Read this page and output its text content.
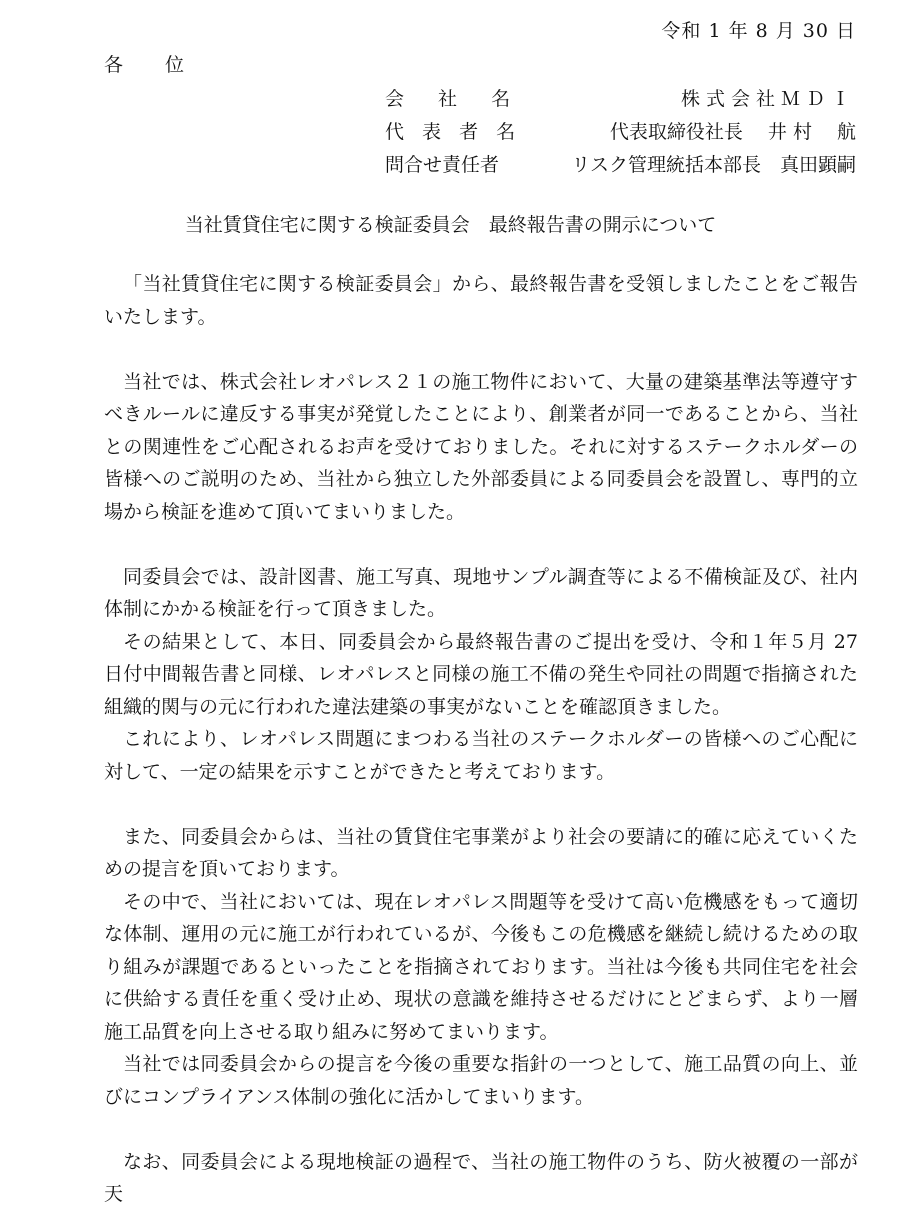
令和 1 年 8 月 30 日
各 位
会 社 名	株式会社ＭＤＩ
代 表 者 名	代表取締役社長　 井 村　 航
問合せ責任者	リスク管理統括本部長　真田顕嗣
当社賃貸住宅に関する検証委員会　最終報告書の開示について

「当社賃貸住宅に関する検証委員会」から、最終報告書を受領しましたことをご報告いたします。

当社では、株式会社レオパレス２１の施工物件において、大量の建築基準法等遵守すべきルールに違反する事実が発覚したことにより、創業者が同一であることから、当社との関連性をご心配されるお声を受けておりました。それに対するステークホルダーの皆様へのご説明のため、当社から独立した外部委員による同委員会を設置し、専門的立場から検証を進めて頂いてまいりました。

同委員会では、設計図書、施工写真、現地サンプル調査等による不備検証及び、社内体制にかかる検証を行って頂きました。

その結果として、本日、同委員会から最終報告書のご提出を受け、令和１年５月 27 日付中間報告書と同様、レオパレスと同様の施工不備の発生や同社の問題で指摘された組織的関与の元に行われた違法建築の事実がないことを確認頂きました。

これにより、レオパレス問題にまつわる当社のステークホルダーの皆様へのご心配に対して、一定の結果を示すことができたと考えております。

また、同委員会からは、当社の賃貸住宅事業がより社会の要請に的確に応えていくための提言を頂いております。

その中で、当社においては、現在レオパレス問題等を受けて高い危機感をもって適切な体制、運用の元に施工が行われているが、今後もこの危機感を継続し続けるための取り組みが課題であるといったことを指摘されております。当社は今後も共同住宅を社会に供給する責任を重く受け止め、現状の意識を維持させるだけにとどまらず、より一層施工品質を向上させる取り組みに努めてまいります。

当社では同委員会からの提言を今後の重要な指針の一つとして、施工品質の向上、並びにコンプライアンス体制の強化に活かしてまいります。

なお、同委員会による現地検証の過程で、当社の施工物件のうち、防火被覆の一部が天
